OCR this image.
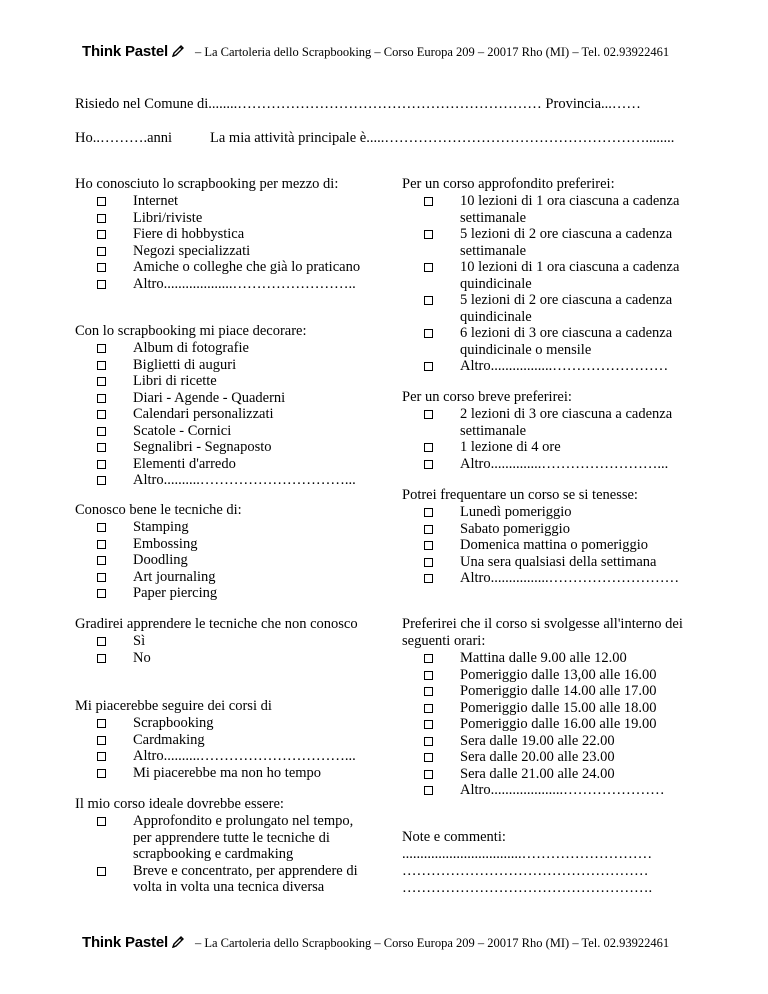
Think Pastel – La Cartoleria dello Scrapbooking – Corso Europa 209 – 20017 Rho (MI) – Tel. 02.93922461
Risiedo nel Comune di........……………………………………………………… Provincia...……
Ho..……….anni	La mia attività principale è.....………………………………………………........
Ho conosciuto lo scrapbooking per mezzo di:
Internet
Libri/riviste
Fiere di hobbystica
Negozi specializzati
Amiche o colleghe che già lo praticano
Altro...................……………………..
Con lo scrapbooking mi piace decorare:
Album di fotografie
Biglietti di auguri
Libri di ricette
Diari - Agende - Quaderni
Calendari personalizzati
Scatole - Cornici
Segnalibri - Segnaposto
Elementi d'arredo
Altro..........…………………………...
Conosco bene le tecniche di:
Stamping
Embossing
Doodling
Art journaling
Paper piercing
Gradirei apprendere le tecniche che non conosco
Sì
No
Mi piacerebbe seguire dei corsi di
Scrapbooking
Cardmaking
Altro..........…………………………...
Mi piacerebbe ma non ho tempo
Il mio corso ideale dovrebbe essere:
Approfondito e prolungato nel tempo, per apprendere tutte le tecniche di scrapbooking e cardmaking
Breve e concentrato, per apprendere di volta in volta una tecnica diversa
Per un corso approfondito preferirei:
10 lezioni di 1 ora ciascuna a cadenza settimanale
5 lezioni di 2 ore ciascuna a cadenza settimanale
10 lezioni di 1 ora ciascuna a cadenza quindicinale
5 lezioni di 2 ore ciascuna a cadenza quindicinale
6 lezioni di 3 ore ciascuna a cadenza quindicinale o mensile
Altro.................……………………
Per un corso breve preferirei:
2 lezioni di 3 ore ciascuna a cadenza settimanale
1 lezione di 4 ore
Altro..............……………………...
Potrei frequentare un corso se si tenesse:
Lunedì pomeriggio
Sabato pomeriggio
Domenica mattina o pomeriggio
Una sera qualsiasi della settimana
Altro................………………………
Preferirei che il corso si svolgesse all'interno dei seguenti orari:
Mattina dalle 9.00 alle 12.00
Pomeriggio dalle 13,00 alle 16.00
Pomeriggio dalle 14.00 alle 17.00
Pomeriggio dalle 15.00 alle 18.00
Pomeriggio dalle 16.00 alle 19.00
Sera dalle 19.00 alle 22.00
Sera dalle 20.00 alle 23.00
Sera dalle 21.00 alle 24.00
Altro....................…………………
Note e commenti:
.................................………………………
……………………………………………
…………………………………………….
Think Pastel – La Cartoleria dello Scrapbooking – Corso Europa 209 – 20017 Rho (MI) – Tel. 02.93922461
